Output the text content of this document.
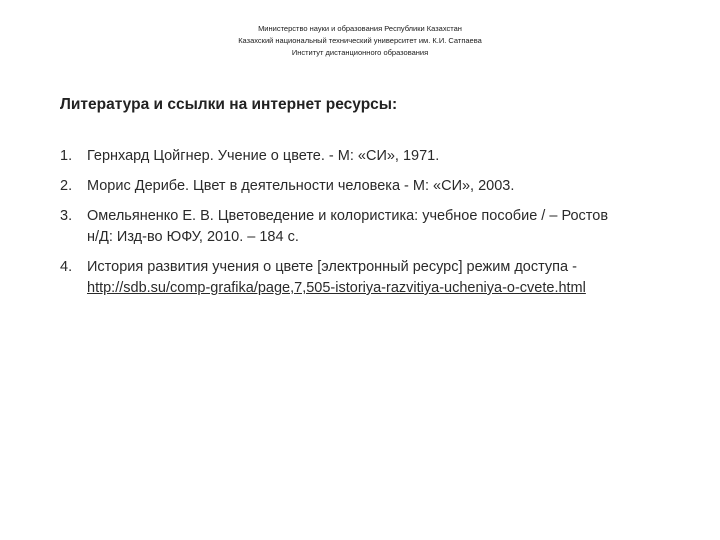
Министерство науки и образования Республики Казахстан
Казахский национальный технический университет им. К.И. Сатпаева
Институт дистанционного образования
Литература и ссылки на интернет ресурсы:
1. Гернхард Цойгнер. Учение о цвете. - М: «СИ», 1971.
2. Морис Дерибе. Цвет в деятельности человека - М: «СИ», 2003.
3. Омельяненко Е. В. Цветоведение и колористика: учебное пособие / – Ростов
н/Д: Изд-во ЮФУ, 2010. – 184 с.
4. История развития учения о цвете [электронный ресурс] режим доступа -
http://sdb.su/comp-grafika/page,7,505-istoriya-razvitiya-ucheniya-o-cvete.html
